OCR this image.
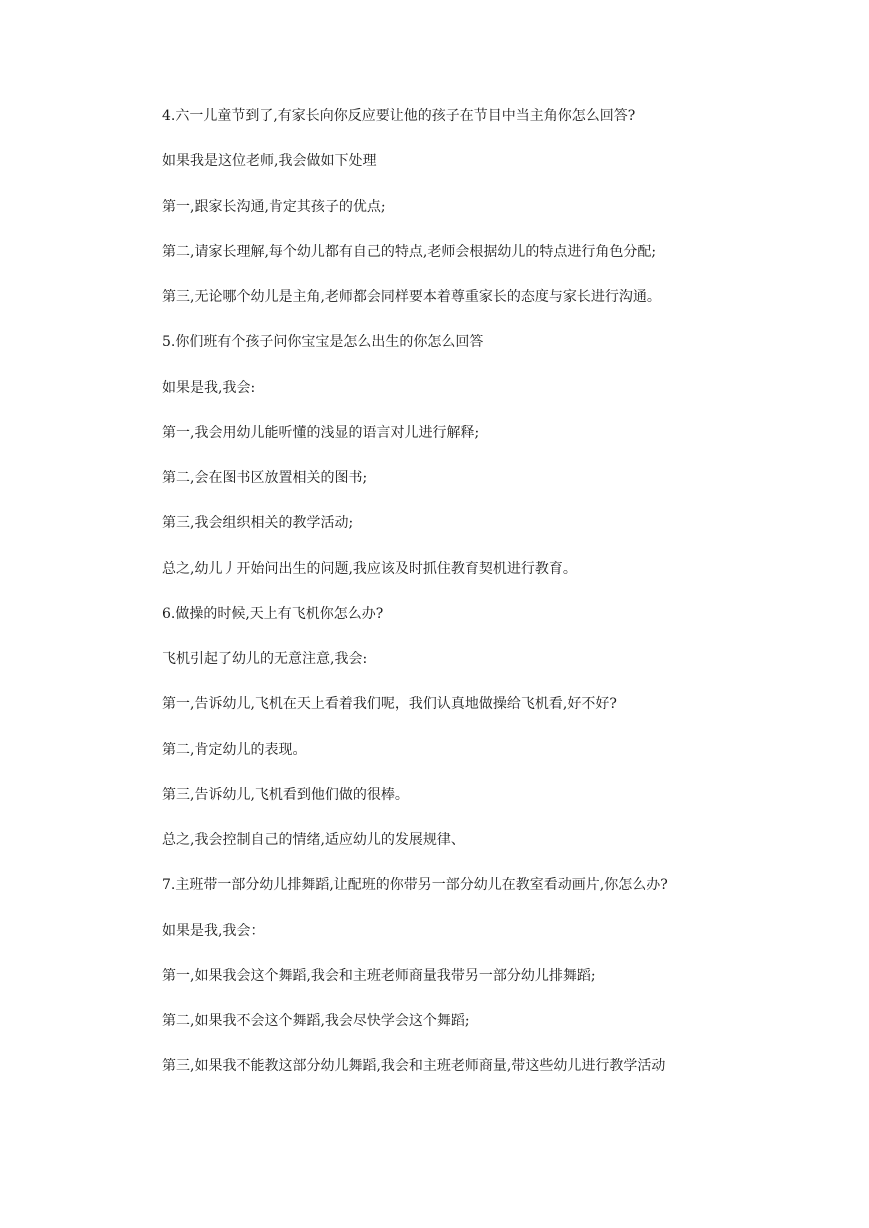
4.六一儿童节到了,有家长向你反应要让他的孩子在节目中当主角你怎么回答?

如果我是这位老师,我会做如下处理

第一,跟家长沟通,肯定其孩子的优点;

第二,请家长理解,每个幼儿都有自己的特点,老师会根据幼儿的特点进行角色分配;

第三,无论哪个幼儿是主角,老师都会同样要本着尊重家长的态度与家长进行沟通。

5.你们班有个孩子问你宝宝是怎么出生的你怎么回答

如果是我,我会:

第一,我会用幼儿能听懂的浅显的语言对儿进行解释;

第二,会在图书区放置相关的图书;

第三,我会组织相关的教学活动;

总之,幼儿丿开始问出生的问题,我应该及时抓住教育契机进行教育。

6.做操的时候,天上有飞机你怎么办?

飞机引起了幼儿的无意注意,我会:

第一,告诉幼儿,飞机在天上看着我们呢，我们认真地做操给飞机看,好不好?

第二,肯定幼儿的表现。

第三,告诉幼儿,飞机看到他们做的很棒。

总之,我会控制自己的情绪,适应幼儿的发展规律、

7.主班带一部分幼儿排舞蹈,让配班的你带另一部分幼儿在教室看动画片,你怎么办?

如果是我,我会：

第一,如果我会这个舞蹈,我会和主班老师商量我带另一部分幼儿排舞蹈;

第二,如果我不会这个舞蹈,我会尽快学会这个舞蹈;

第三,如果我不能教这部分幼儿舞蹈,我会和主班老师商量,带这些幼儿进行教学活动
